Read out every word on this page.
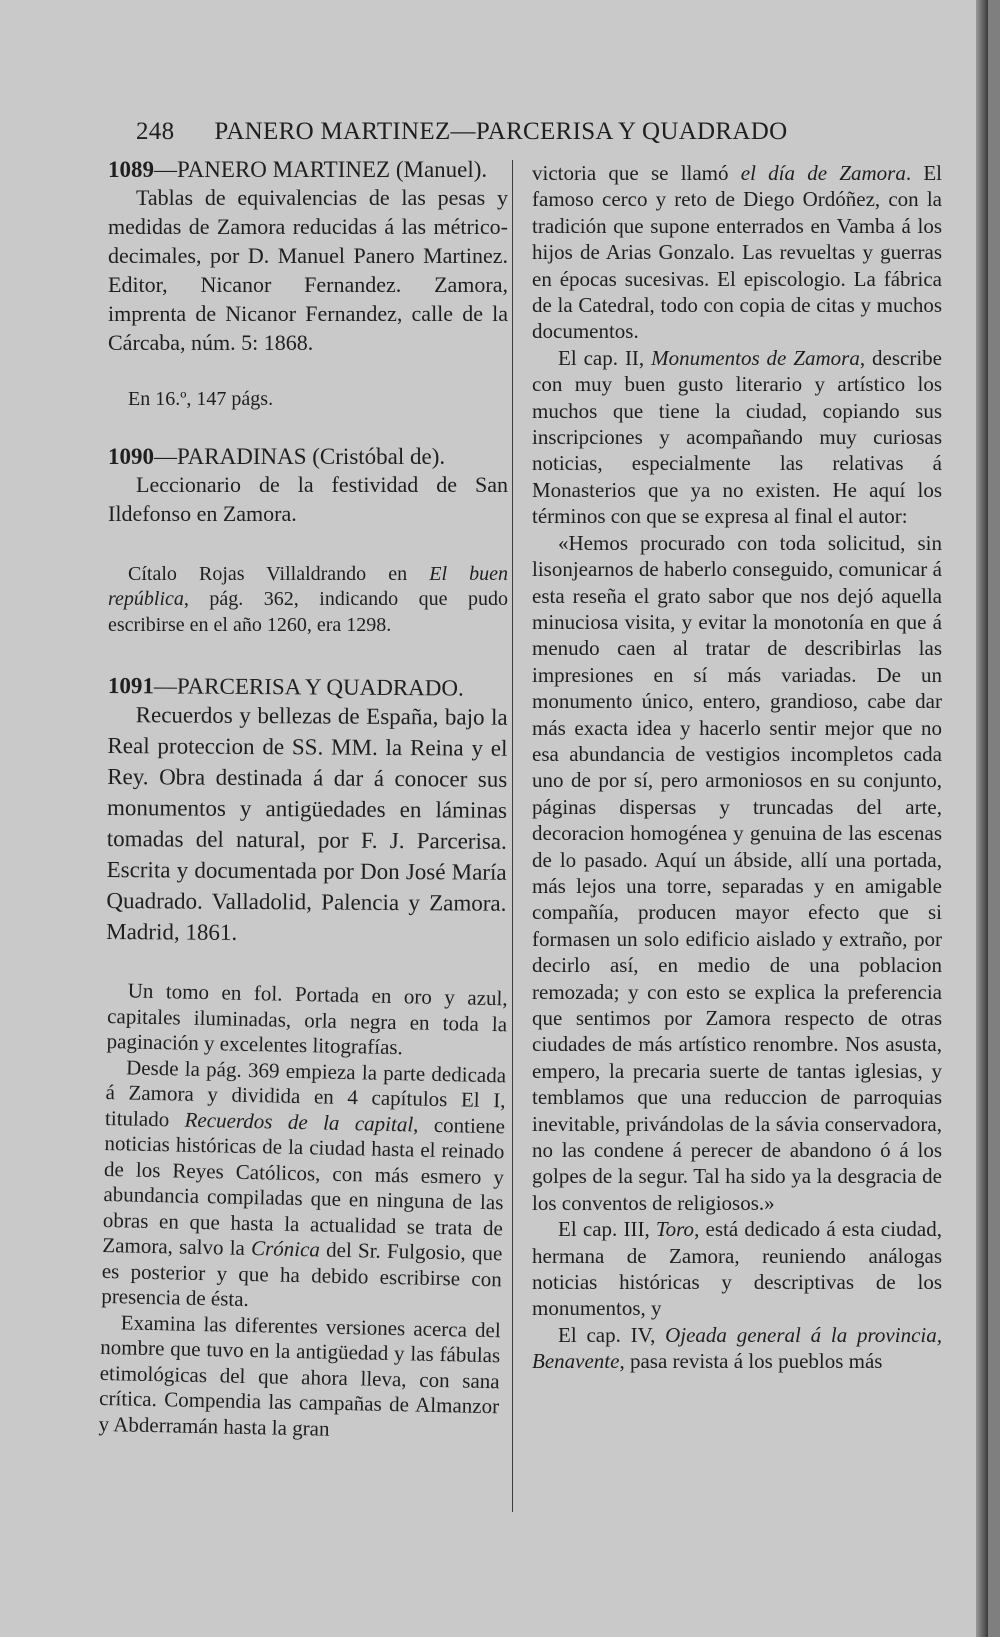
248 PANERO MARTINEZ—PARCERISA Y QUADRADO
1089—PANERO MARTINEZ (Manuel).
Tablas de equivalencias de las pesas y medidas de Zamora reducidas á las métrico-decimales, por D. Manuel Panero Martinez. Editor, Nicanor Fernandez. Zamora, imprenta de Nicanor Fernandez, calle de la Cárcaba, núm. 5: 1868.
En 16.º, 147 págs.
1090—PARADINAS (Cristóbal de).
Leccionario de la festividad de San Ildefonso en Zamora.
Cítalo Rojas Villaldrando en El buen república, pág. 362, indicando que pudo escribirse en el año 1260, era 1298.
1091—PARCERISA Y QUADRADO.
Recuerdos y bellezas de España, bajo la Real proteccion de SS. MM. la Reina y el Rey. Obra destinada á dar á conocer sus monumentos y antigüedades en láminas tomadas del natural, por F. J. Parcerisa. Escrita y documentada por Don José María Quadrado. Valladolid, Palencia y Zamora. Madrid, 1861.
Un tomo en fol. Portada en oro y azul, capitales iluminadas, orla negra en toda la paginación y excelentes litografías.
Desde la pág. 369 empieza la parte dedicada á Zamora y dividida en 4 capítulos El I, titulado Recuerdos de la capital, contiene noticias históricas de la ciudad hasta el reinado de los Reyes Católicos, con más esmero y abundancia compiladas que en ninguna de las obras en que hasta la actualidad se trata de Zamora, salvo la Crónica del Sr. Fulgosio, que es posterior y que ha debido escribirse con presencia de ésta.
Examina las diferentes versiones acerca del nombre que tuvo en la antigüedad y las fábulas etimológicas del que ahora lleva, con sana crítica. Compendia las campañas de Almanzor y Abderramán hasta la gran

victoria que se llamó el día de Zamora. El famoso cerco y reto de Diego Ordóñez, con la tradición que supone enterrados en Vamba á los hijos de Arias Gonzalo. Las revueltas y guerras en épocas sucesivas. El episcologio. La fábrica de la Catedral, todo con copia de citas y muchos documentos.

El cap. II, Monumentos de Zamora, describe con muy buen gusto literario y artístico los muchos que tiene la ciudad, copiando sus inscripciones y acompañando muy curiosas noticias, especialmente las relativas á Monasterios que ya no existen. He aquí los términos con que se expresa al final el autor:

«Hemos procurado con toda solicitud, sin lisonjearnos de haberlo conseguido, comunicar á esta reseña el grato sabor que nos dejó aquella minuciosa visita, y evitar la monotonía en que á menudo caen al tratar de describirlas las impresiones en sí más variadas. De un monumento único, entero, grandioso, cabe dar más exacta idea y hacerlo sentir mejor que no esa abundancia de vestigios incompletos cada uno de por sí, pero armoniosos en su conjunto, páginas dispersas y truncadas del arte, decoracion homogénea y genuina de las escenas de lo pasado. Aquí un ábside, allí una portada, más lejos una torre, separadas y en amigable compañía, producen mayor efecto que si formasen un solo edificio aislado y extraño, por decirlo así, en medio de una poblacion remozada; y con esto se explica la preferencia que sentimos por Zamora respecto de otras ciudades de más artístico renombre. Nos asusta, empero, la precaria suerte de tantas iglesias, y temblamos que una reduccion de parroquias inevitable, privándolas de la sávia conservadora, no las condene á perecer de abandono ó á los golpes de la segur. Tal ha sido ya la desgracia de los conventos de religiosos.»

El cap. III, Toro, está dedicado á esta ciudad, hermana de Zamora, reuniendo análogas noticias históricas y descriptivas de los monumentos, y

El cap. IV, Ojeada general á la provincia, Benavente, pasa revista á los pueblos más
